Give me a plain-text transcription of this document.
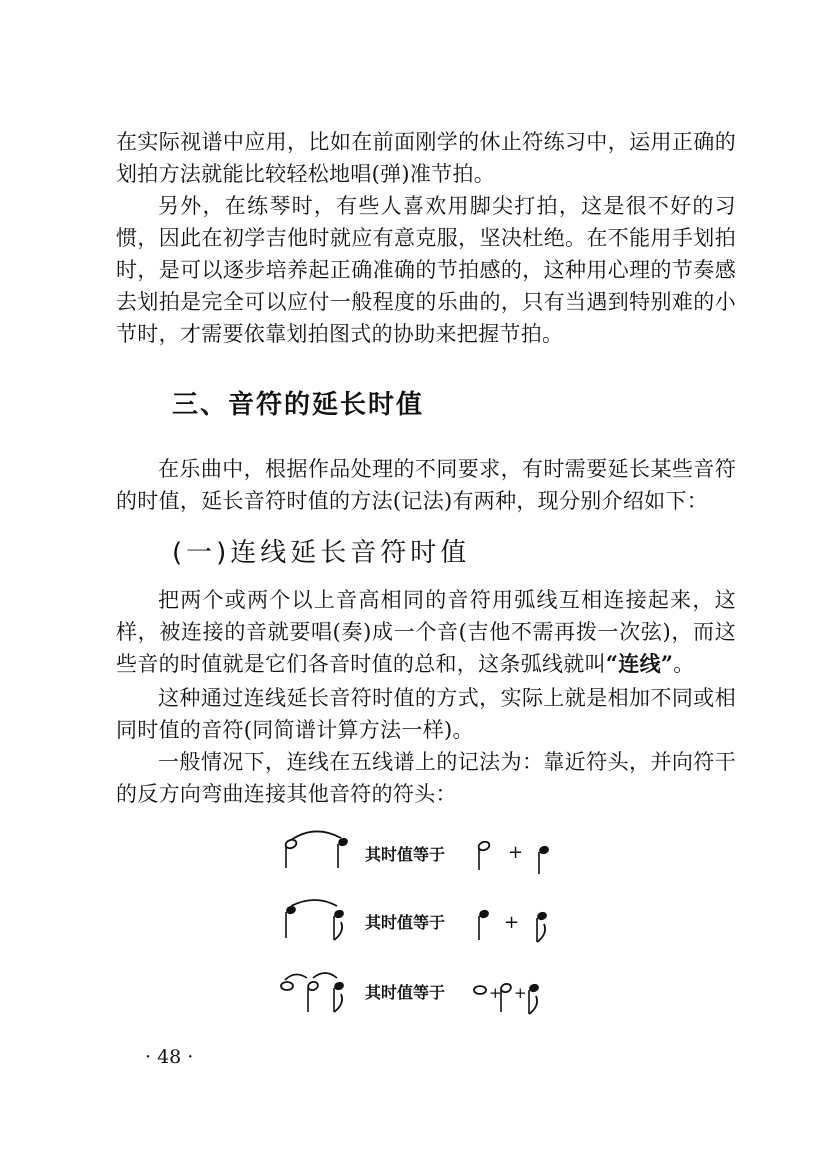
在实际视谱中应用，比如在前面刚学的休止符练习中，运用正确的划拍方法就能比较轻松地唱(弹)准节拍。

另外，在练琴时，有些人喜欢用脚尖打拍，这是很不好的习惯，因此在初学吉他时就应有意克服，坚决杜绝。在不能用手划拍时，是可以逐步培养起正确准确的节拍感的，这种用心理的节奏感去划拍是完全可以应付一般程度的乐曲的，只有当遇到特别难的小节时，才需要依靠划拍图式的协助来把握节拍。

三、音符的延长时值

在乐曲中，根据作品处理的不同要求，有时需要延长某些音符的时值，延长音符时值的方法(记法)有两种，现分别介绍如下：

(一)连线延长音符时值

把两个或两个以上音高相同的音符用弧线互相连接起来，这样，被连接的音就要唱(奏)成一个音(吉他不需再拨一次弦)，而这些音的时值就是它们各音时值的总和，这条弧线就叫“连线”。

这种通过连线延长音符时值的方式，实际上就是相加不同或相同时值的音符(同简谱计算方法一样)。

一般情况下，连线在五线谱上的记法为：靠近符头，并向符干的反方向弯曲连接其他音符的符头：

其时值等于	+
其时值等于	+
其时值等于	+ +
· 48 ·
